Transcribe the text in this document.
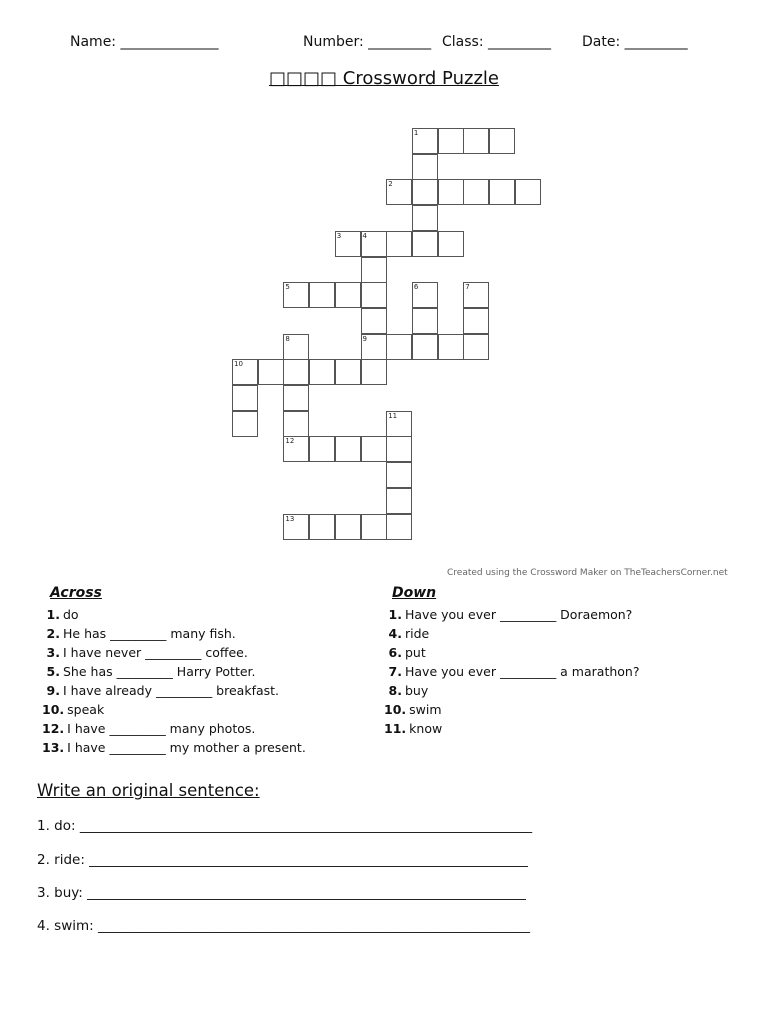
Name: ______________	Number: _________ Class: _________ Date: _________
□□□□ Crossword Puzzle
1
2
3	4
5	6	7
8	9
10
11
12
13
Created using the Crossword Maker on TheTeachersCorner.net
Across
1. do
2. He has _________ many fish.
3. I have never _________ coffee.
5. She has _________ Harry Potter.
9. I have already _________ breakfast.
10. speak
12. I have _________ many photos.
13. I have _________ my mother a present.
Down
1. Have you ever _________ Doraemon?
4. ride
6. put
7. Have you ever _________ a marathon?
8. buy
10. swim
11. know
Write an original sentence:
1. do: ___________________________________________________________________
2. ride: _________________________________________________________________
3. buy: _________________________________________________________________
4. swim: ________________________________________________________________
